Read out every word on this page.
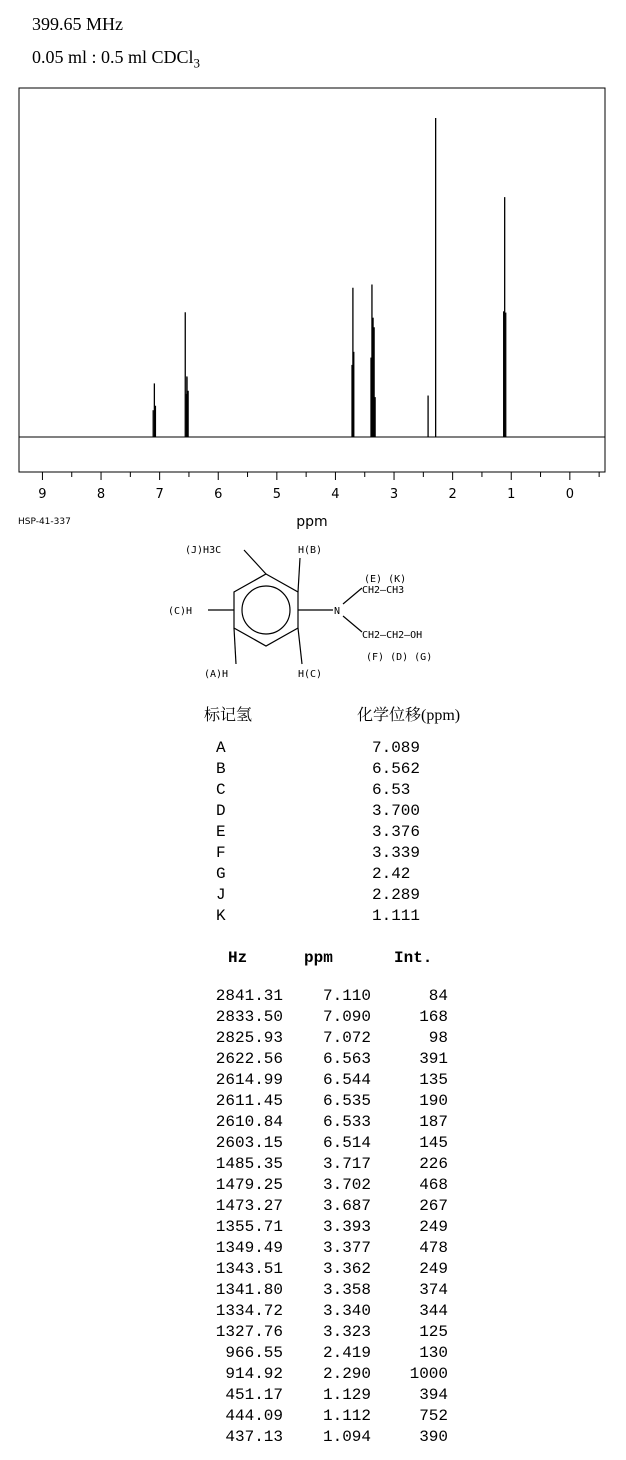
399.65 MHz
0.05 ml : 0.5 ml CDCl$_3$
9	8	7	6	5	4	3	2	1	0
ppm
HSP-41-337
(J)H3C	H(B)
(C)H
(A)H	H(C)
N
(E) (K)
CH2—CH3
CH2—CH2—OH
(F) (D) (G)
标记氢	化学位移(ppm)
A	7.089
B	6.562
C	6.53
D	3.700
E	3.376
F	3.339
G	2.42
J	2.289
K	1.111
Hz	ppm	Int.
2841.31	7.110	84
2833.50	7.090	168
2825.93	7.072	98
2622.56	6.563	391
2614.99	6.544	135
2611.45	6.535	190
2610.84	6.533	187
2603.15	6.514	145
1485.35	3.717	226
1479.25	3.702	468
1473.27	3.687	267
1355.71	3.393	249
1349.49	3.377	478
1343.51	3.362	249
1341.80	3.358	374
1334.72	3.340	344
1327.76	3.323	125
966.55	2.419	130
914.92	2.290	1000
451.17	1.129	394
444.09	1.112	752
437.13	1.094	390
